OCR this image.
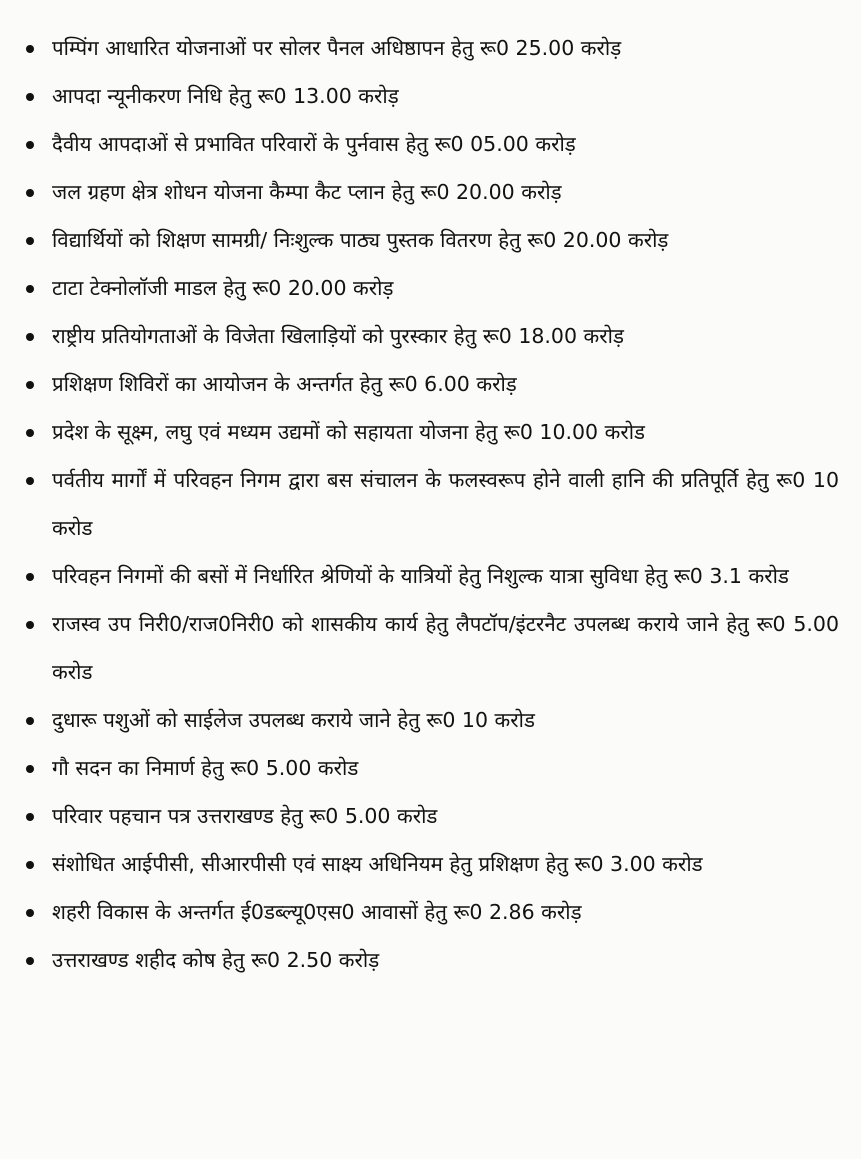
पम्पिंग आधारित योजनाओं पर सोलर पैनल अधिष्ठापन हेतु रू0 25.00 करोड़
आपदा न्यूनीकरण निधि हेतु रू0 13.00 करोड़
दैवीय आपदाओं से प्रभावित परिवारों के पुर्नवास हेतु रू0 05.00 करोड़
जल ग्रहण क्षेत्र शोधन योजना कैम्पा कैट प्लान हेतु रू0 20.00 करोड़
विद्यार्थियों को शिक्षण सामग्री/ निःशुल्क पाठ्य पुस्तक वितरण हेतु रू0 20.00 करोड़
टाटा टेक्नोलॉजी माडल हेतु रू0 20.00 करोड़
राष्ट्रीय प्रतियोगताओं के विजेता खिलाड़ियों को पुरस्कार हेतु रू0 18.00 करोड़
प्रशिक्षण शिविरों का आयोजन के अन्तर्गत हेतु रू0 6.00 करोड़
प्रदेश के सूक्ष्म, लघु एवं मध्यम उद्यमों को सहायता योजना हेतु रू0 10.00 करोड
पर्वतीय मार्गों में परिवहन निगम द्वारा बस संचालन के फलस्वरूप होने वाली हानि की प्रतिपूर्ति हेतु रू0 10 करोड
परिवहन निगमों की बसों में निर्धारित श्रेणियों के यात्रियों हेतु निशुल्क यात्रा सुविधा हेतु रू0 3.1 करोड
राजस्व उप निरी0/राज0निरी0 को शासकीय कार्य हेतु लैपटॉप/इंटरनैट उपलब्ध कराये जाने हेतु रू0 5.00 करोड
दुधारू पशुओं को साईलेज उपलब्ध कराये जाने हेतु रू0 10 करोड
गौ सदन का निमार्ण हेतु रू0 5.00 करोड
परिवार पहचान पत्र उत्तराखण्ड हेतु रू0 5.00 करोड
संशोधित आईपीसी, सीआरपीसी एवं साक्ष्य अधिनियम हेतु प्रशिक्षण हेतु रू0 3.00 करोड
शहरी विकास के अन्तर्गत ई0डब्ल्यू0एस0 आवासों हेतु रू0 2.86 करोड़
उत्तराखण्ड शहीद कोष हेतु रू0 2.50 करोड़
